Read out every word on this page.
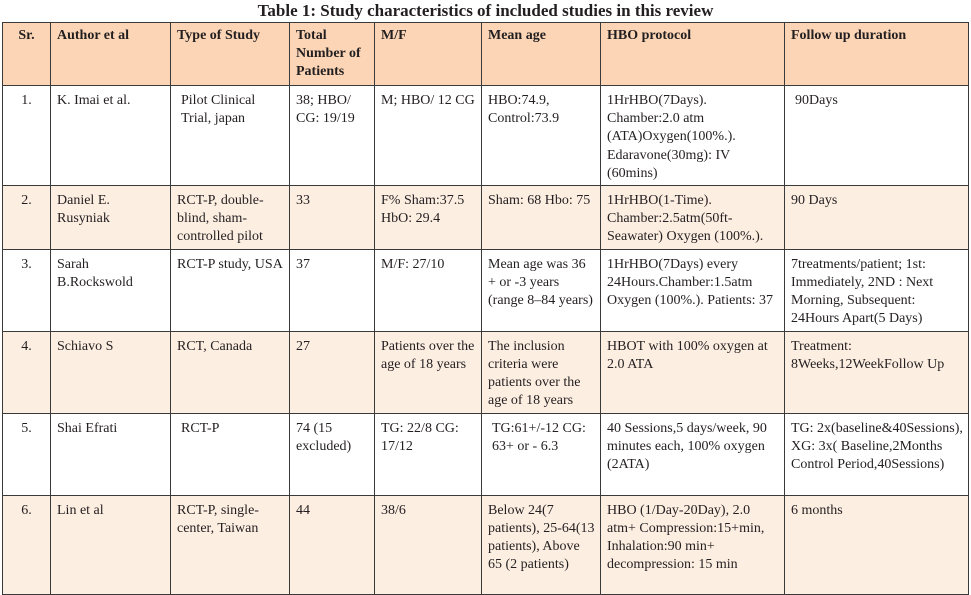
Table 1: Study characteristics of included studies in this review
Sr.	Author et al	Type of Study	Total Number of Patients	M/F	Mean age	HBO protocol	Follow up duration
1.	K. Imai et al.	Pilot Clinical Trial, japan	38; HBO/ CG: 19/19	M; HBO/ 12 CG	HBO:74.9, Control:73.9	1HrHBO(7Days). Chamber:2.0 atm (ATA)Oxygen(100%.). Edaravone(30mg): IV (60mins)	90Days
2.	Daniel E. Rusyniak	RCT-P, double-blind, sham-controlled pilot	33	F% Sham:37.5 HbO: 29.4	Sham: 68 Hbo: 75	1HrHBO(1-Time). Chamber:2.5atm(50ft-Seawater) Oxygen (100%.).	90 Days
3.	Sarah B.Rockswold	RCT-P study, USA	37	M/F: 27/10	Mean age was 36 + or -3 years (range 8–84 years)	1HrHBO(7Days) every 24Hours.Chamber:1.5atm Oxygen (100%.). Patients: 37	7treatments/patient; 1st: Immediately, 2ND : Next Morning, Subsequent: 24Hours Apart(5 Days)
4.	Schiavo S	RCT, Canada	27	Patients over the age of 18 years	The inclusion criteria were patients over the age of 18 years	HBOT with 100% oxygen at 2.0 ATA	Treatment: 8Weeks,12WeekFollow Up
5.	Shai Efrati	RCT-P	74 (15 excluded)	TG: 22/8 CG: 17/12	TG:61+/-12 CG: 63+ or - 6.3	40 Sessions,5 days/week, 90 minutes each, 100% oxygen (2ATA)	TG: 2x(baseline&40Sessions), XG: 3x( Baseline,2Months Control Period,40Sessions)
6.	Lin et al	RCT-P, single-center, Taiwan	44	38/6	Below 24(7 patients), 25-64(13 patients), Above 65 (2 patients)	HBO (1/Day-20Day), 2.0 atm+ Compression:15+min, Inhalation:90 min+ decompression: 15 min	6 months
